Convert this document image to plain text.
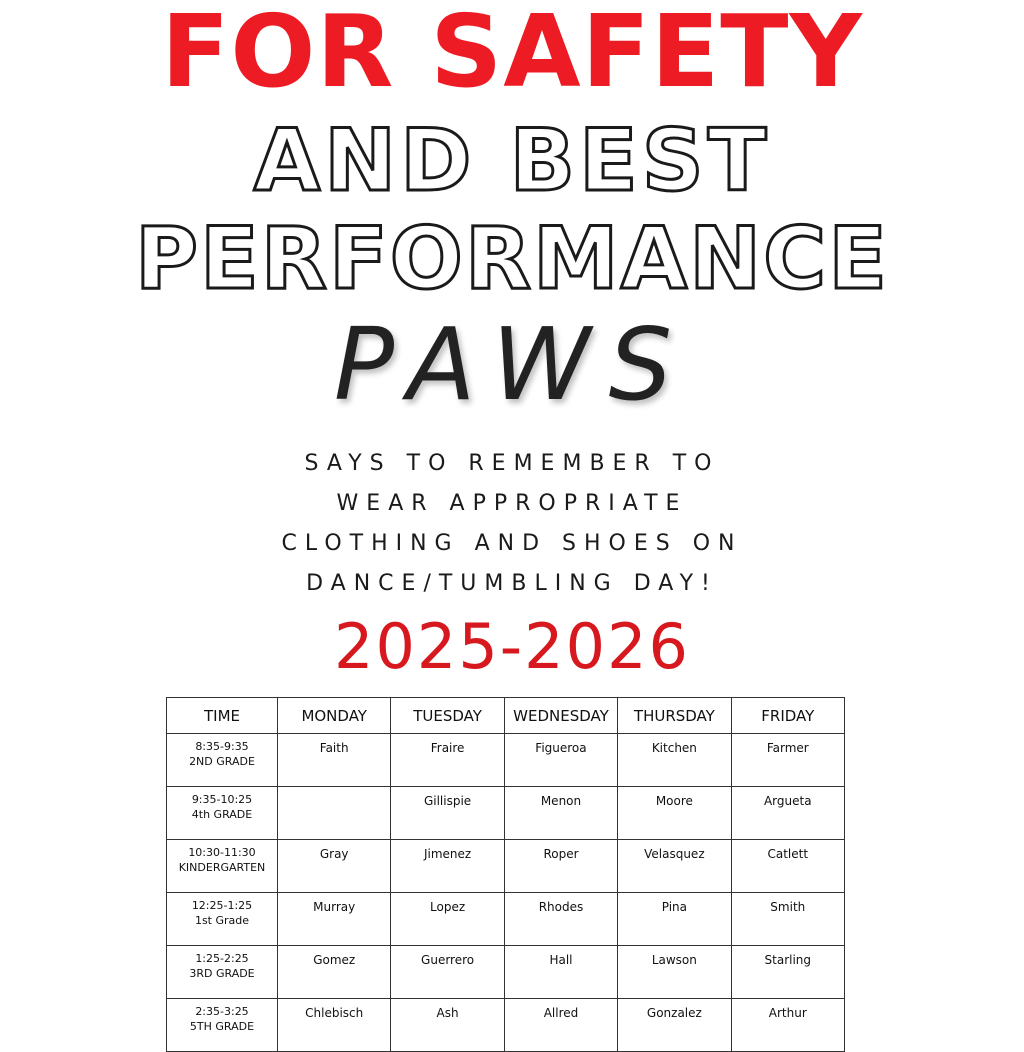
FOR SAFETY
AND BEST
PERFORMANCE
PAWS
SAYS TO REMEMBER TO
WEAR APPROPRIATE
CLOTHING AND SHOES ON
DANCE/TUMBLING DAY!
2025-2026
TIME	MONDAY	TUESDAY	WEDNESDAY	THURSDAY	FRIDAY

8:35-9:35
2ND GRADE	Faith	Fraire	Figueroa	Kitchen	Farmer

9:35-10:25
4th GRADE		Gillispie	Menon	Moore	Argueta

10:30-11:30
KINDERGARTEN	Gray	Jimenez	Roper	Velasquez	Catlett

12:25-1:25
1st Grade	Murray	Lopez	Rhodes	Pina	Smith

1:25-2:25
3RD GRADE	Gomez	Guerrero	Hall	Lawson	Starling

2:35-3:25
5TH GRADE	Chlebisch	Ash	Allred	Gonzalez	Arthur
